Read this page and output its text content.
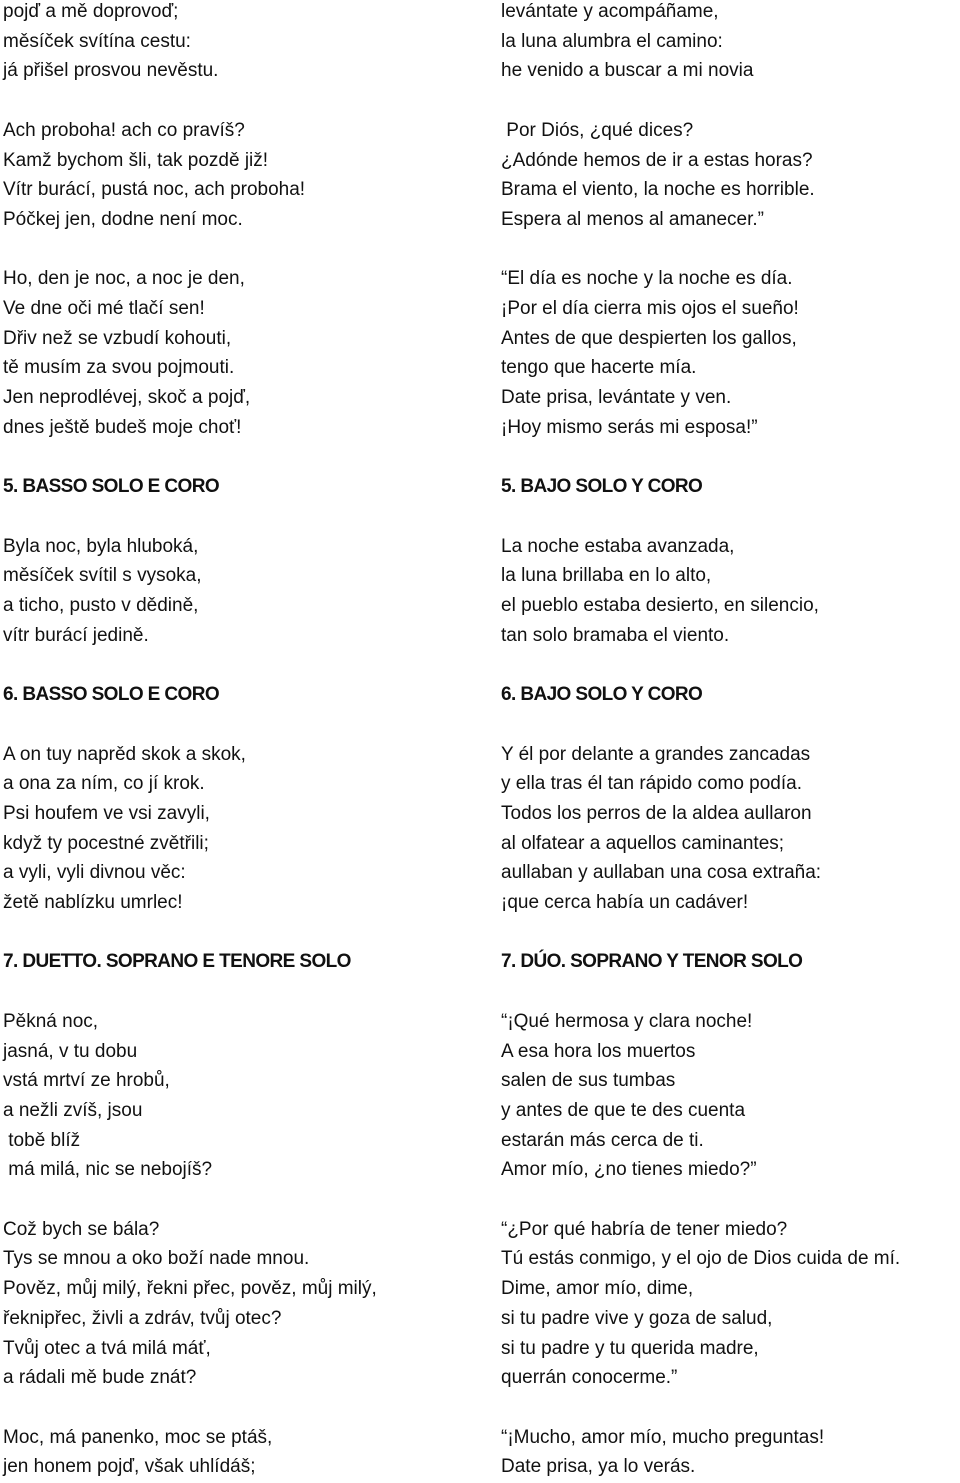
pojď a mě doprovoď;
měsíček svítína cestu:
já přišel prosvou nevěstu.
Ach proboha! ach co pravíš?
Kamž bychom šli, tak pozdě již!
Vítr burácí, pustá noc, ach proboha!
Póčkej jen, dodne není moc.
Ho, den je noc, a noc je den,
Ve dne oči mé tlačí sen!
Dřiv než se vzbudí kohouti,
tě musím za svou pojmouti.
Jen neprodlévej, skoč a pojď,
dnes ještě budeš moje choť!
5. BASSO SOLO E CORO
Byla noc, byla hluboká,
měsíček svítil s vysoka,
a ticho, pusto v dědině,
vítr burácí jedině.
6. BASSO SOLO E CORO
A on tuy naprěd skok a skok,
a ona za ním, co jí krok.
Psi houfem ve vsi zavyli,
když ty pocestné zvětřili;
a vyli, vyli divnou věc:
žetě nablízku umrlec!
7. DUETTO. SOPRANO E TENORE SOLO
Pěkná noc,
jasná, v tu dobu
vstá mrtví ze hrobů,
a nežli zvíš, jsou
tobě blíž
má milá, nic se nebojíš?
Což bych se bála?
Tys se mnou a oko boží nade mnou.
Pověz, můj milý, řekni přec, pověz, můj milý,
řeknipřec, živli a zdráv, tvůj otec?
Tvůj otec a tvá milá máť,
a rádali mě bude znát?
Moc, má panenko, moc se ptáš,
jen honem pojď, však uhlídáš;
levántate y acompáñame,
la luna alumbra el camino:
he venido a buscar a mi novia
Por Diós, ¿qué dices?
¿Adónde hemos de ir a estas horas?
Brama el viento, la noche es horrible.
Espera al menos al amanecer.”
“El día es noche y la noche es día.
¡Por el día cierra mis ojos el sueño!
Antes de que despierten los gallos,
tengo que hacerte mía.
Date prisa, levántate y ven.
¡Hoy mismo serás mi esposa!”
5. BAJO SOLO Y CORO
La noche estaba avanzada,
la luna brillaba en lo alto,
el pueblo estaba desierto, en silencio,
tan solo bramaba el viento.
6. BAJO SOLO Y CORO
Y él por delante a grandes zancadas
y ella tras él tan rápido como podía.
Todos los perros de la aldea aullaron
al olfatear a aquellos caminantes;
aullaban y aullaban una cosa extraña:
¡que cerca había un cadáver!
7. DÚO. SOPRANO Y TENOR SOLO
“¡Qué hermosa y clara noche!
A esa hora los muertos
salen de sus tumbas
y antes de que te des cuenta
estarán más cerca de ti.
Amor mío, ¿no tienes miedo?”
“¿Por qué habría de tener miedo?
Tú estás conmigo, y el ojo de Dios cuida de mí.
Dime, amor mío, dime,
si tu padre vive y goza de salud,
si tu padre y tu querida madre,
querrán conocerme.”
“¡Mucho, amor mío, mucho preguntas!
Date prisa, ya lo verás.
